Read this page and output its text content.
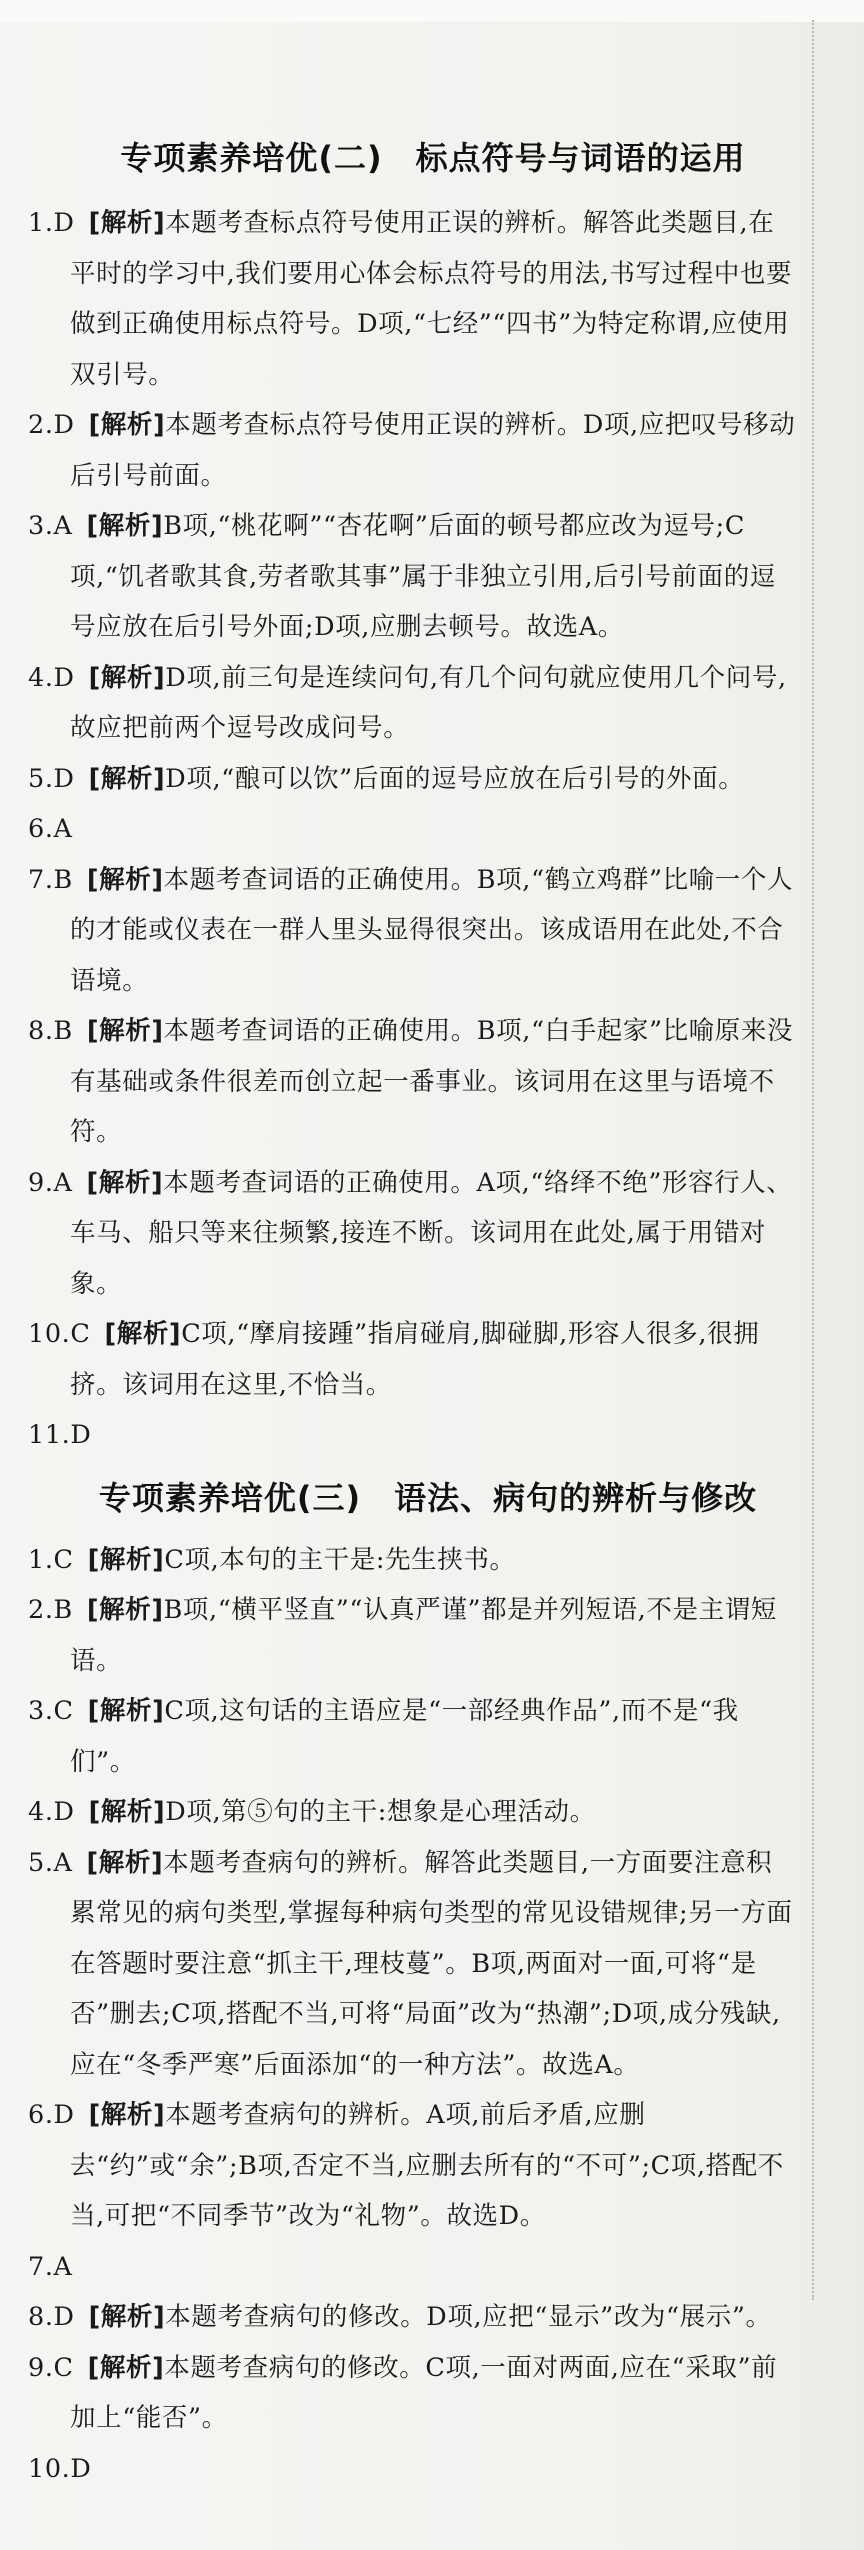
专项素养培优(二)　标点符号与词语的运用
1.D [解析]本题考查标点符号使用正误的辨析。解答此类题目,在平时的学习中,我们要用心体会标点符号的用法,书写过程中也要做到正确使用标点符号。D项,“七经”“四书”为特定称谓,应使用双引号。
2.D [解析]本题考查标点符号使用正误的辨析。D项,应把叹号移动后引号前面。
3.A [解析]B项,“桃花啊”“杏花啊”后面的顿号都应改为逗号;C项,“饥者歌其食,劳者歌其事”属于非独立引用,后引号前面的逗号应放在后引号外面;D项,应删去顿号。故选A。
4.D [解析]D项,前三句是连续问句,有几个问句就应使用几个问号,故应把前两个逗号改成问号。
5.D [解析]D项,“酿可以饮”后面的逗号应放在后引号的外面。
6.A
7.B [解析]本题考查词语的正确使用。B项,“鹤立鸡群”比喻一个人的才能或仪表在一群人里头显得很突出。该成语用在此处,不合语境。
8.B [解析]本题考查词语的正确使用。B项,“白手起家”比喻原来没有基础或条件很差而创立起一番事业。该词用在这里与语境不符。
9.A [解析]本题考查词语的正确使用。A项,“络绎不绝”形容行人、车马、船只等来往频繁,接连不断。该词用在此处,属于用错对象。
10.C [解析]C项,“摩肩接踵”指肩碰肩,脚碰脚,形容人很多,很拥挤。该词用在这里,不恰当。
11.D
专项素养培优(三)　语法、病句的辨析与修改
1.C [解析]C项,本句的主干是:先生挟书。
2.B [解析]B项,“横平竖直”“认真严谨”都是并列短语,不是主谓短语。
3.C [解析]C项,这句话的主语应是“一部经典作品”,而不是“我们”。
4.D [解析]D项,第⑤句的主干:想象是心理活动。
5.A [解析]本题考查病句的辨析。解答此类题目,一方面要注意积累常见的病句类型,掌握每种病句类型的常见设错规律;另一方面在答题时要注意“抓主干,理枝蔓”。B项,两面对一面,可将“是否”删去;C项,搭配不当,可将“局面”改为“热潮”;D项,成分残缺,应在“冬季严寒”后面添加“的一种方法”。故选A。
6.D [解析]本题考查病句的辨析。A项,前后矛盾,应删去“约”或“余”;B项,否定不当,应删去所有的“不可”;C项,搭配不当,可把“不同季节”改为“礼物”。故选D。
7.A
8.D [解析]本题考查病句的修改。D项,应把“显示”改为“展示”。
9.C [解析]本题考查病句的修改。C项,一面对两面,应在“采取”前加上“能否”。
10.D
